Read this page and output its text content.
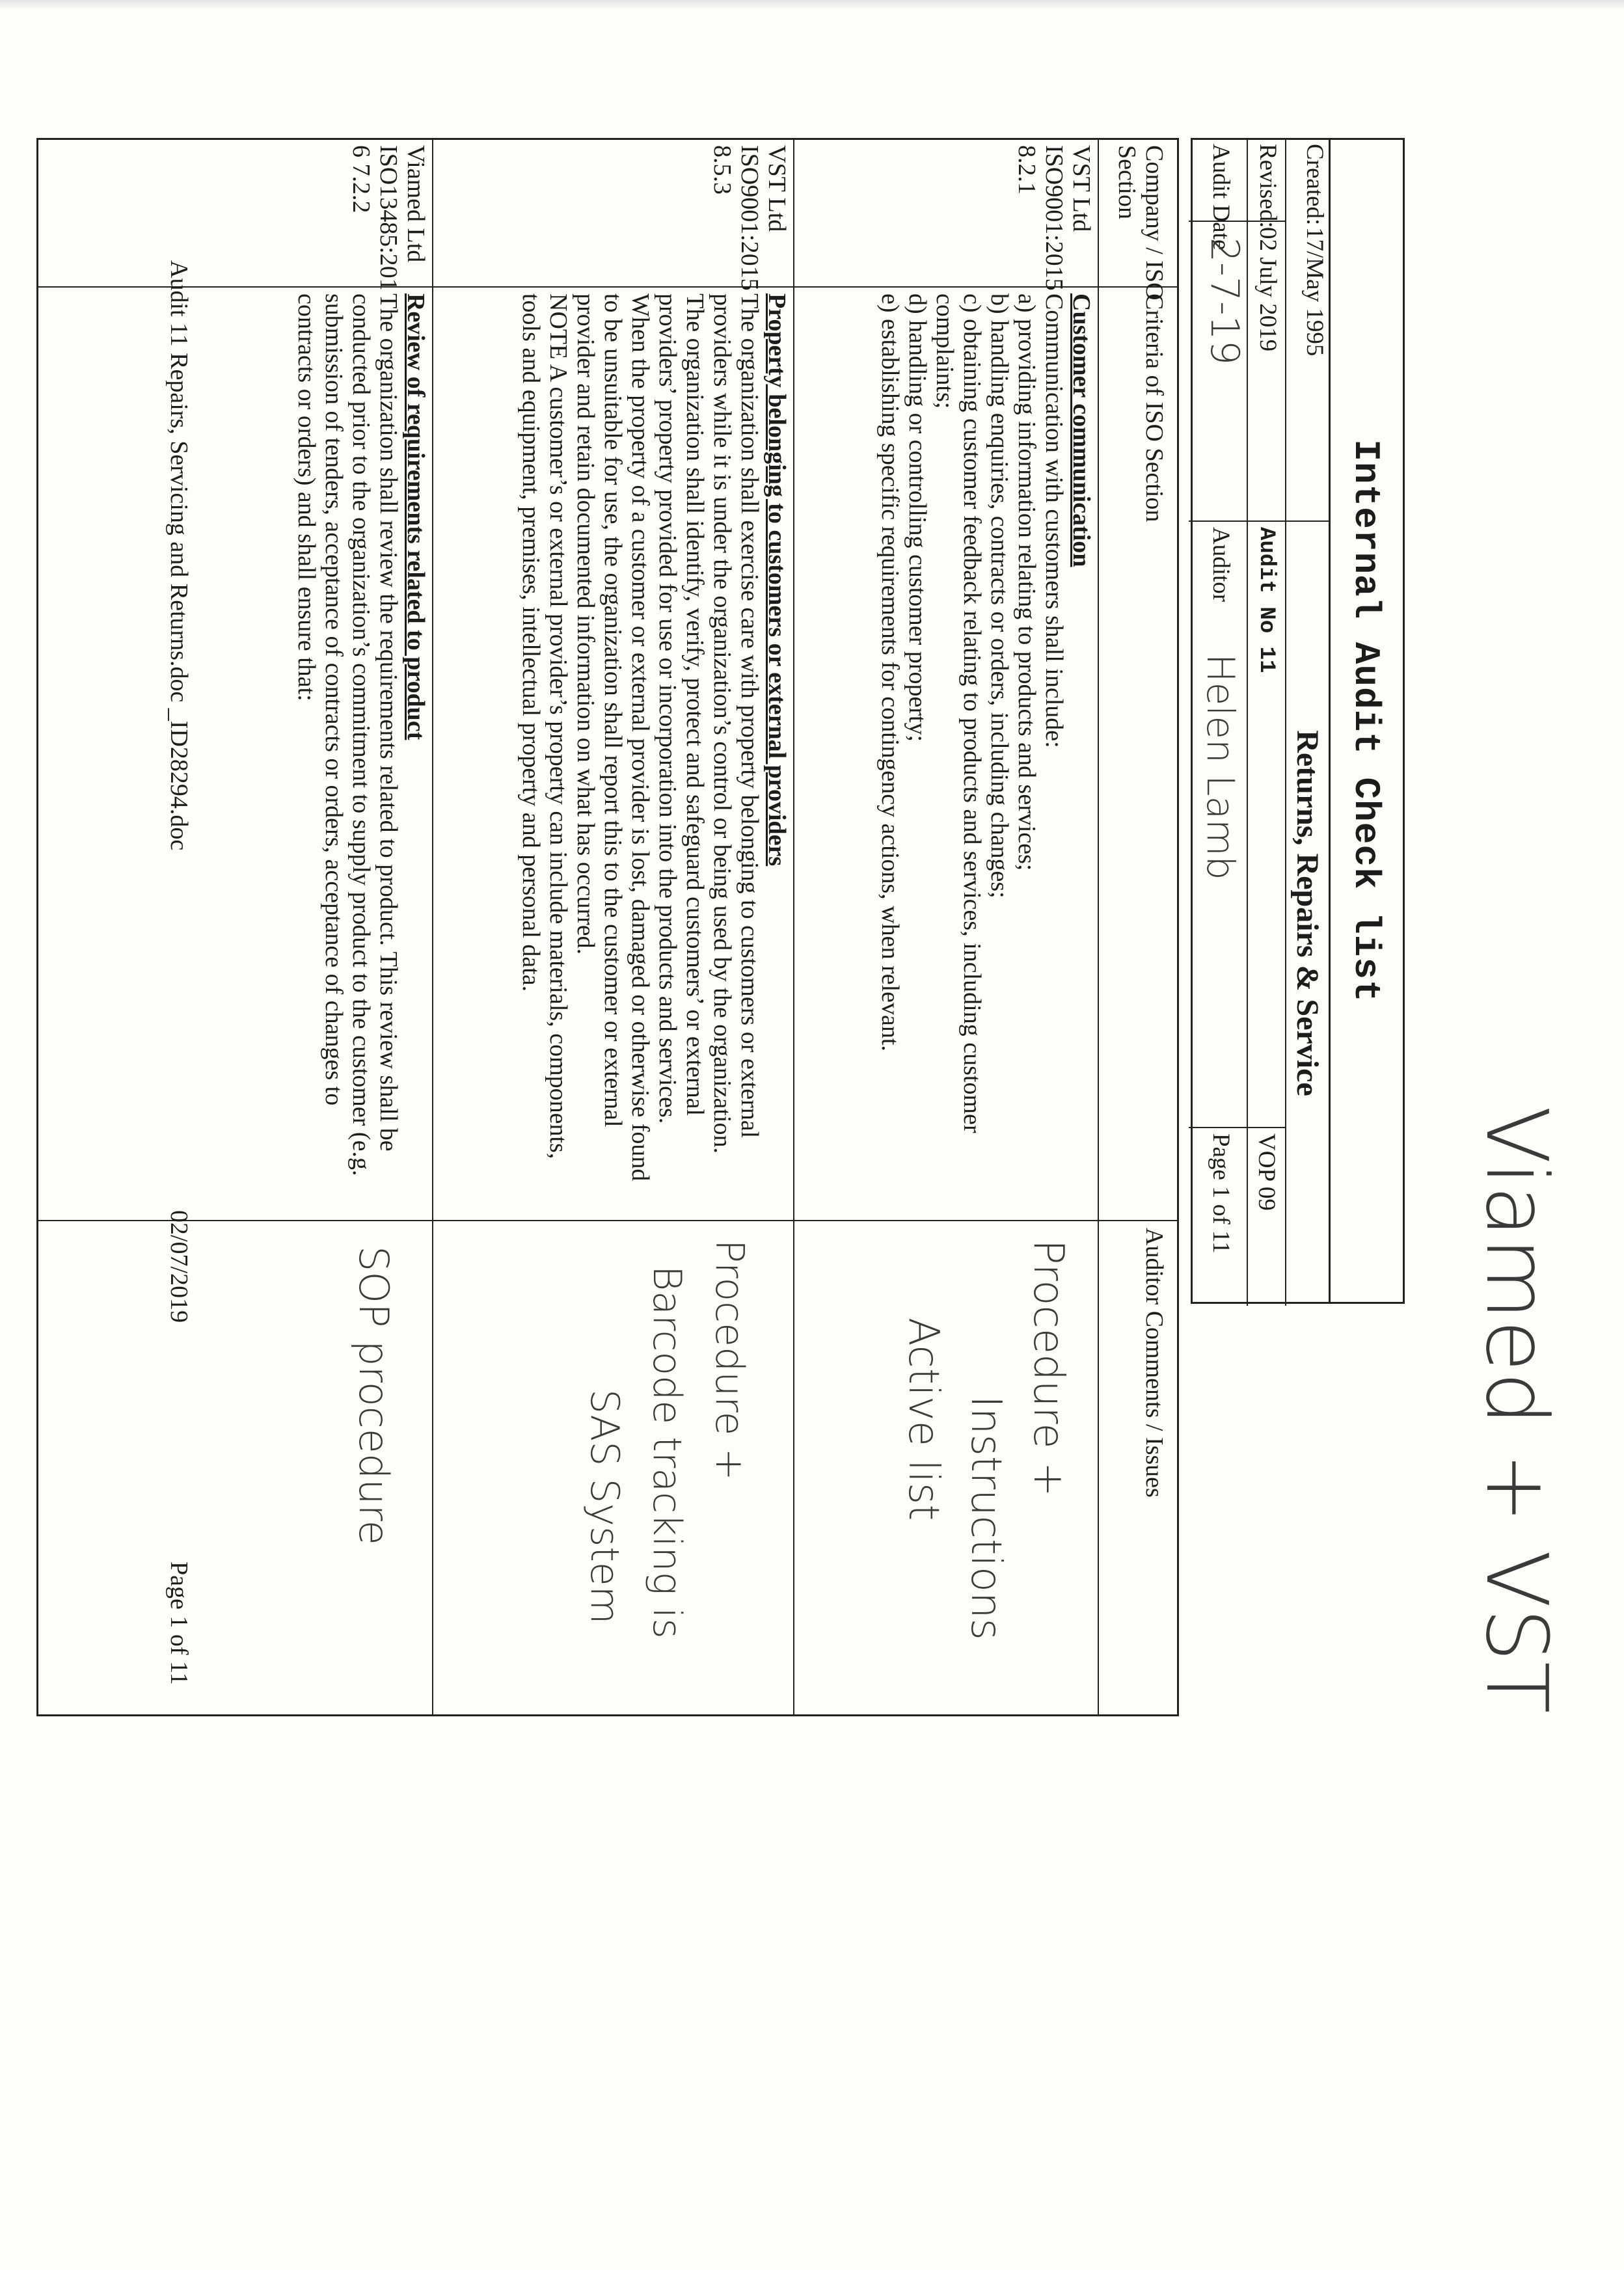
Internal Audit Check list
Returns, Repairs & Service
Created:
17/May 1995
Revised:
02 July 2019
Audit No 11
VOP 09
Audit Date
2-7-19
Auditor
Helen Lamb
Page 1 of 11	Viamed + VST
Company / ISO
Section
Criteria of ISO Section
Auditor Comments / Issues
VST Ltd
ISO9001:2015
8.2.1
Customer communication
Communication with customers shall include:
a) providing information relating to products and services;
b) handling enquiries, contracts or orders, including changes;
c) obtaining customer feedback relating to products and services, including customer
complaints;
d) handling or controlling customer property;
e) establishing specific requirements for contingency actions, when relevant.
Procedure +
Instructions
Active list
VST Ltd
ISO9001:2015
8.5.3
Property belonging to customers or external providers
The organization shall exercise care with property belonging to customers or external
providers while it is under the organization’s control or being used by the organization.
The organization shall identify, verify, protect and safeguard customers’ or external
providers’ property provided for use or incorporation into the products and services.
When the property of a customer or external provider is lost, damaged or otherwise found
to be unsuitable for use, the organization shall report this to the customer or external
provider and retain documented information on what has occurred.
NOTE A customer’s or external provider’s property can include materials, components,
tools and equipment, premises, intellectual property and personal data.
Procedure +
Barcode tracking is
SAS System
Viamed Ltd
ISO13485:201
6 7.2.2
Review of requirements related to product
The organization shall review the requirements related to product. This review shall be
conducted prior to the organization’s commitment to supply product to the customer (e.g.
submission of tenders, acceptance of contracts or orders, acceptance of changes to
contracts or orders) and shall ensure that:
SOP procedure
Audit 11 Repairs, Servicing and Returns.doc _ID28294.doc
02/07/2019
Page 1 of 11
